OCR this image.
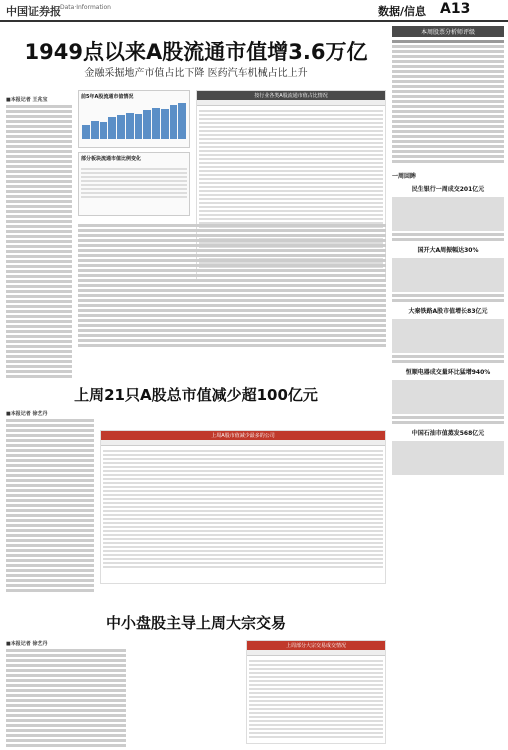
中国证券报 Data·Information	数据/信息 A13
1949点以来A股流通市值增3.6万亿
金融采掘地产市值占比下降 医药汽车机械占比上升
■本报记者 王兆宝	前5年A股流通市值情况	按行业各类A股流通市值占比情况
部分板块流通市值比例变化
上周21只A股总市值减少超100亿元
■本报记者 徐艺丹
上周A股市值减少最多的公司
中小盘股主导上周大宗交易
■本报记者 徐艺丹	上周部分大宗交易成交情况
本周股票分析师评级
一周回眸
民生银行一周成交201亿元
国开大A周振幅达30%
大秦铁路A股市值增长83亿元
恒顺电器成交量环比猛增940%
中国石油市值蒸发568亿元
